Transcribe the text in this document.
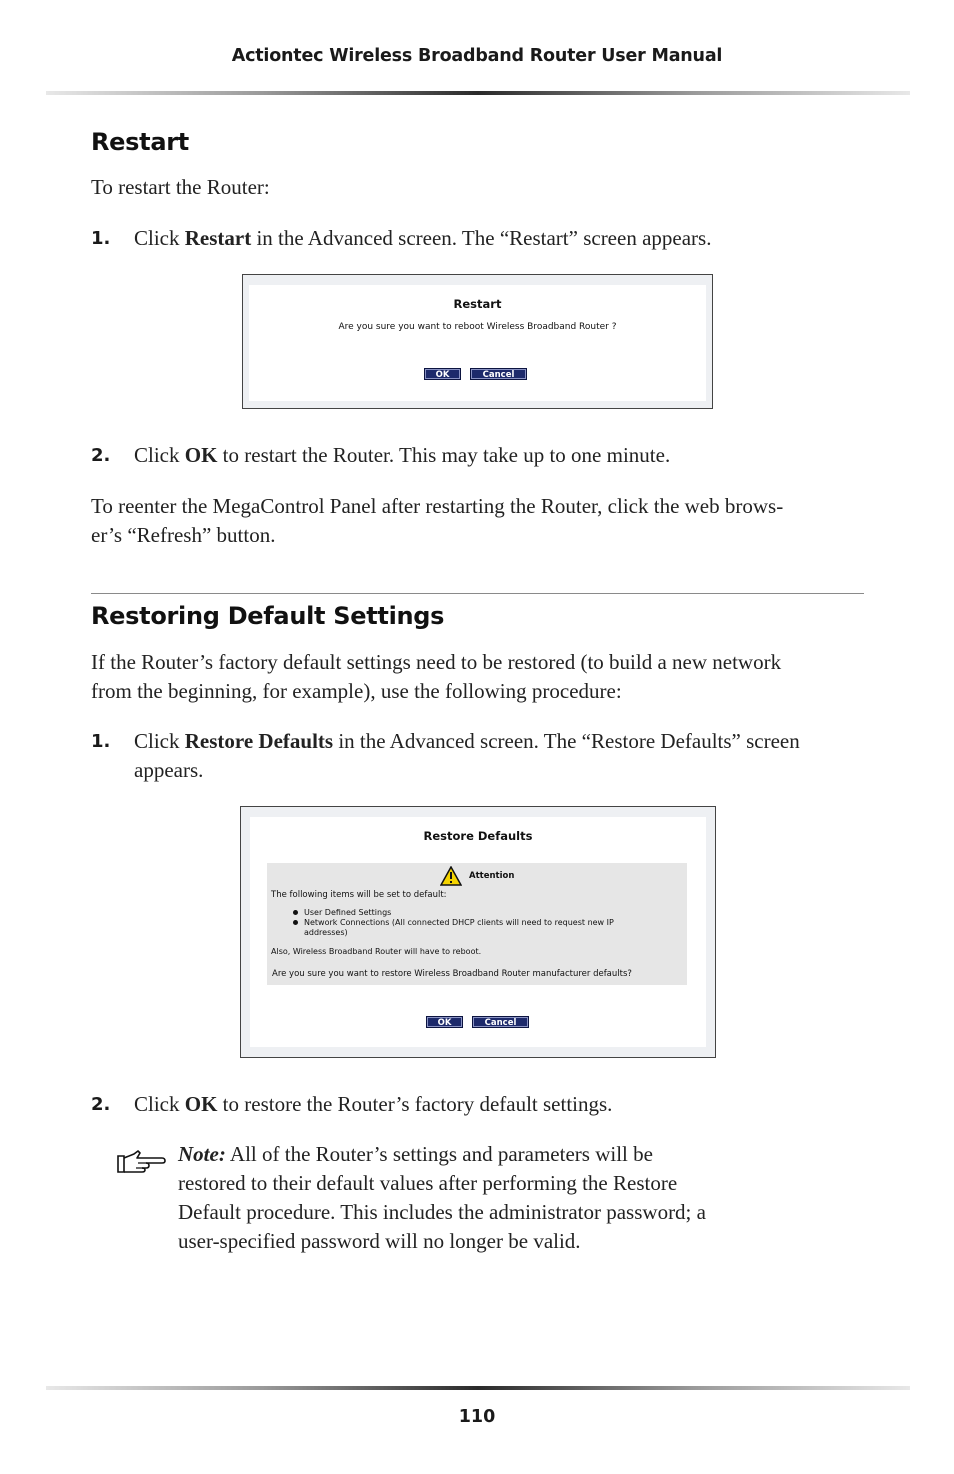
Actiontec Wireless Broadband Router User Manual
Restart
To restart the Router:
1. Click Restart in the Advanced screen. The “Restart” screen appears.
Restart
Are you sure you want to reboot Wireless Broadband Router ?
OK	Cancel
2. Click OK to restart the Router. This may take up to one minute.
To reenter the MegaControl Panel after restarting the Router, click the web brows-
er’s “Refresh” button.
Restoring Default Settings
If the Router’s factory default settings need to be restored (to build a new network
from the beginning, for example), use the following procedure:
1. Click Restore Defaults in the Advanced screen. The “Restore Defaults” screen
appears.
Restore Defaults
Attention
The following items will be set to default:
User Defined Settings
Network Connections (All connected DHCP clients will need to request new IP
addresses)
Also, Wireless Broadband Router will have to reboot.
Are you sure you want to restore Wireless Broadband Router manufacturer defaults?
OK	Cancel
2. Click OK to restore the Router’s factory default settings.
Note: All of the Router’s settings and parameters will be
restored to their default values after performing the Restore
Default procedure. This includes the administrator password; a
user-specified password will no longer be valid.
110
